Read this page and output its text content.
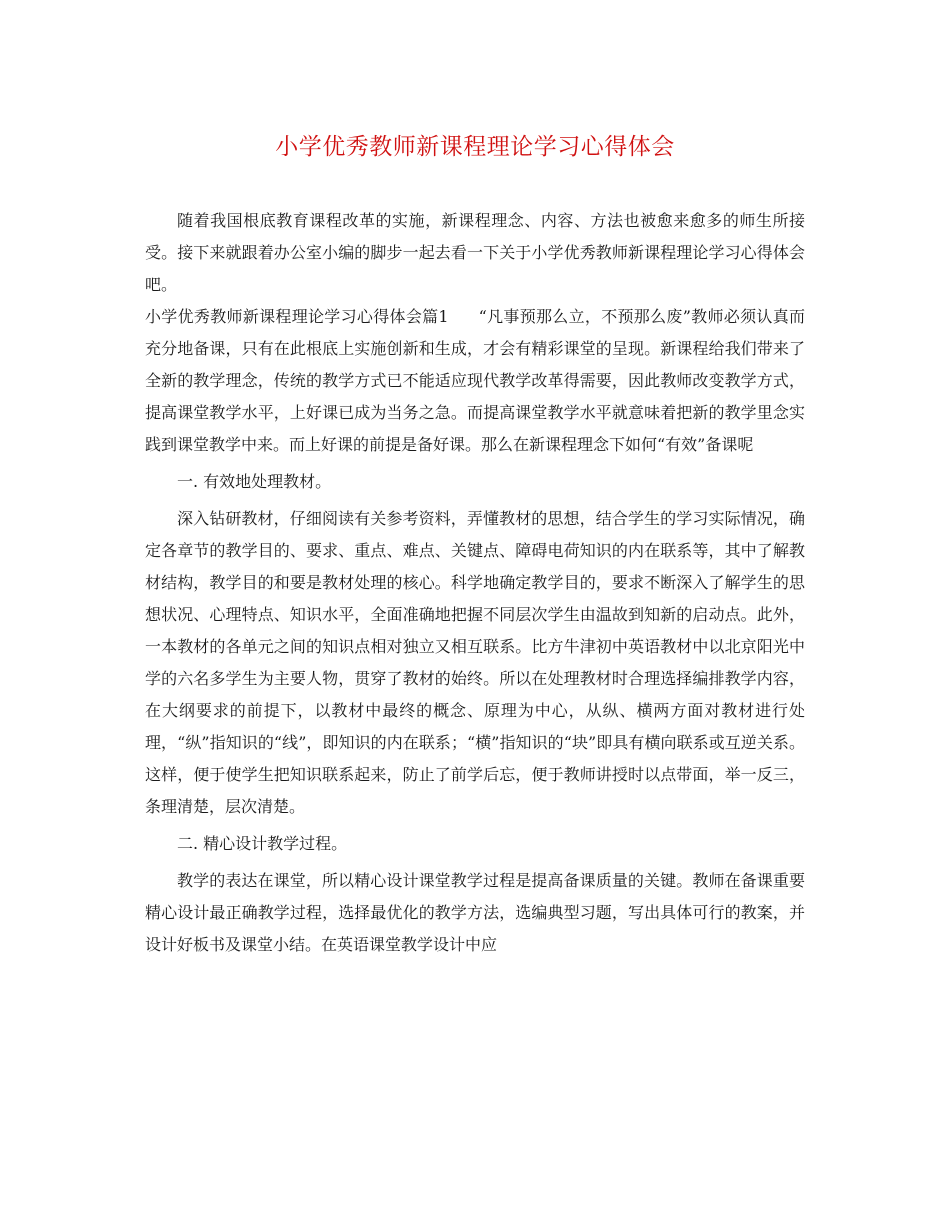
小学优秀教师新课程理论学习心得体会

随着我国根底教育课程改革的实施，新课程理念、内容、方法也被愈来愈多的师生所接受。接下来就跟着办公室小编的脚步一起去看一下关于小学优秀教师新课程理论学习心得体会吧。

小学优秀教师新课程理论学习心得体会篇1 “凡事预那么立，不预那么废”教师必须认真而充分地备课，只有在此根底上实施创新和生成，才会有精彩课堂的呈现。新课程给我们带来了全新的教学理念，传统的教学方式已不能适应现代教学改革得需要，因此教师改变教学方式，提高课堂教学水平，上好课已成为当务之急。而提高课堂教学水平就意味着把新的教学里念实践到课堂教学中来。而上好课的前提是备好课。那么在新课程理念下如何“有效”备课呢

一. 有效地处理教材。

深入钻研教材，仔细阅读有关参考资料，弄懂教材的思想，结合学生的学习实际情况，确定各章节的教学目的、要求、重点、难点、关键点、障碍电荷知识的内在联系等，其中了解教材结构，教学目的和要是教材处理的核心。科学地确定教学目的，要求不断深入了解学生的思想状况、心理特点、知识水平，全面准确地把握不同层次学生由温故到知新的启动点。此外，一本教材的各单元之间的知识点相对独立又相互联系。比方牛津初中英语教材中以北京阳光中学的六名多学生为主要人物，贯穿了教材的始终。所以在处理教材时合理选择编排教学内容，在大纲要求的前提下，以教材中最终的概念、原理为中心，从纵、横两方面对教材进行处理，“纵”指知识的“线”，即知识的内在联系；“横”指知识的“块”即具有横向联系或互逆关系。这样，便于使学生把知识联系起来，防止了前学后忘，便于教师讲授时以点带面，举一反三，条理清楚，层次清楚。

二. 精心设计教学过程。

教学的表达在课堂，所以精心设计课堂教学过程是提高备课质量的关键。教师在备课重要精心设计最正确教学过程，选择最优化的教学方法，选编典型习题，写出具体可行的教案，并设计好板书及课堂小结。在英语课堂教学设计中应
